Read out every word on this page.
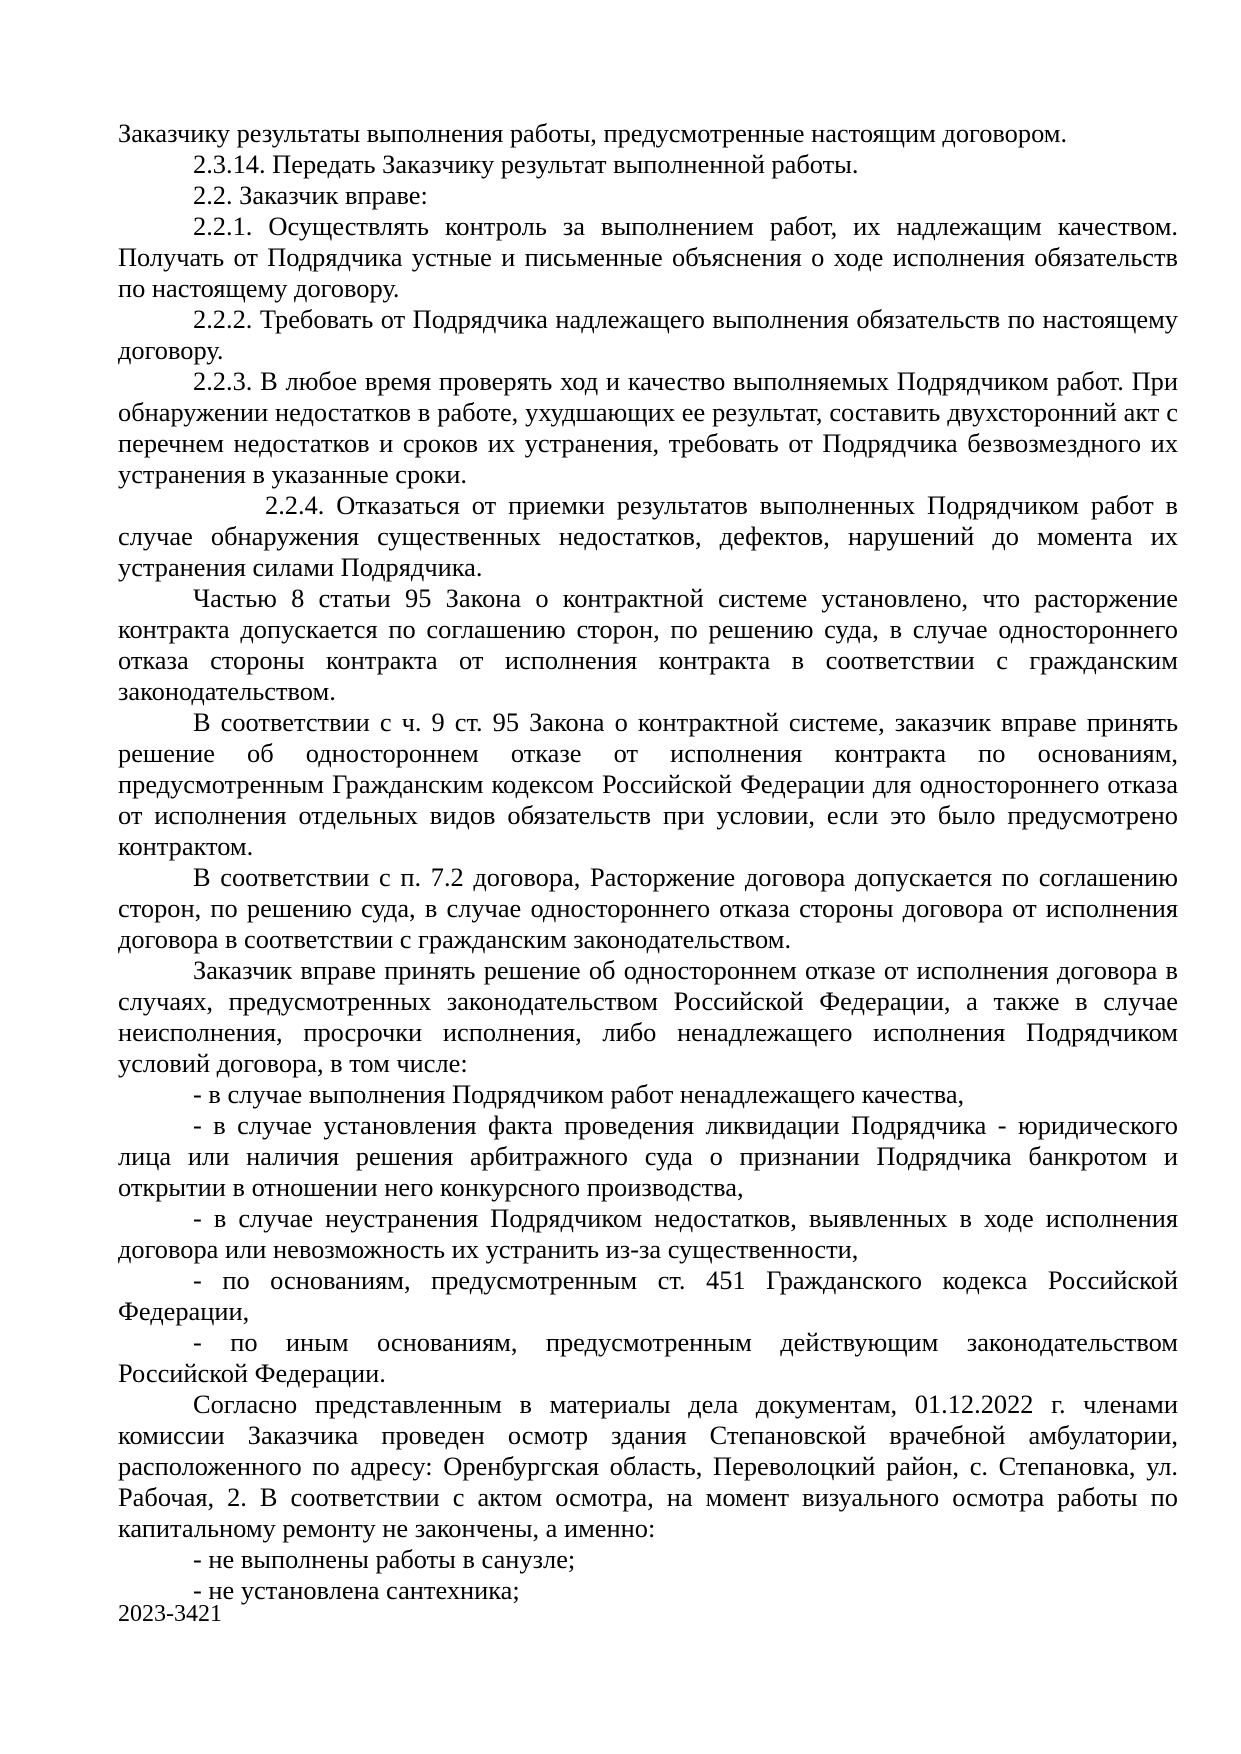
Заказчику результаты выполнения работы, предусмотренные настоящим договором.

2.3.14. Передать Заказчику результат выполненной работы.

2.2. Заказчик вправе:

2.2.1. Осуществлять контроль за выполнением работ, их надлежащим качеством. Получать от Подрядчика устные и письменные объяснения о ходе исполнения обязательств по настоящему договору.

2.2.2. Требовать от Подрядчика надлежащего выполнения обязательств по настоящему договору.

2.2.3. В любое время проверять ход и качество выполняемых Подрядчиком работ. При обнаружении недостатков в работе, ухудшающих ее результат, составить двухсторонний акт с перечнем недостатков и сроков их устранения, требовать от Подрядчика безвозмездного их устранения в указанные сроки.

2.2.4. Отказаться от приемки результатов выполненных Подрядчиком работ в случае обнаружения существенных недостатков, дефектов, нарушений до момента их устранения силами Подрядчика.

Частью 8 статьи 95 Закона о контрактной системе установлено, что расторжение контракта допускается по соглашению сторон, по решению суда, в случае одностороннего отказа стороны контракта от исполнения контракта в соответствии с гражданским законодательством.

В соответствии с ч. 9 ст. 95 Закона о контрактной системе, заказчик вправе принять решение об одностороннем отказе от исполнения контракта по основаниям, предусмотренным Гражданским кодексом Российской Федерации для одностороннего отказа от исполнения отдельных видов обязательств при условии, если это было предусмотрено контрактом.

В соответствии с п. 7.2 договора, Расторжение договора допускается по соглашению сторон, по решению суда, в случае одностороннего отказа стороны договора от исполнения договора в соответствии с гражданским законодательством.

Заказчик вправе принять решение об одностороннем отказе от исполнения договора в случаях, предусмотренных законодательством Российской Федерации, а также в случае неисполнения, просрочки исполнения, либо ненадлежащего исполнения Подрядчиком условий договора, в том числе:

- в случае выполнения Подрядчиком работ ненадлежащего качества,

- в случае установления факта проведения ликвидации Подрядчика - юридического лица или наличия решения арбитражного суда о признании Подрядчика банкротом и открытии в отношении него конкурсного производства,

- в случае неустранения Подрядчиком недостатков, выявленных в ходе исполнения договора или невозможность их устранить из-за существенности,

- по основаниям, предусмотренным ст. 451 Гражданского кодекса Российской Федерации,

- по иным основаниям, предусмотренным действующим законодательством Российской Федерации.

Согласно представленным в материалы дела документам, 01.12.2022 г. членами комиссии Заказчика проведен осмотр здания Степановской врачебной амбулатории, расположенного по адресу: Оренбургская область, Переволоцкий район, с. Степановка, ул. Рабочая, 2. В соответствии с актом осмотра, на момент визуального осмотра работы по капитальному ремонту не закончены, а именно:

- не выполнены работы в санузле;

- не установлена сантехника;

2023-3421
